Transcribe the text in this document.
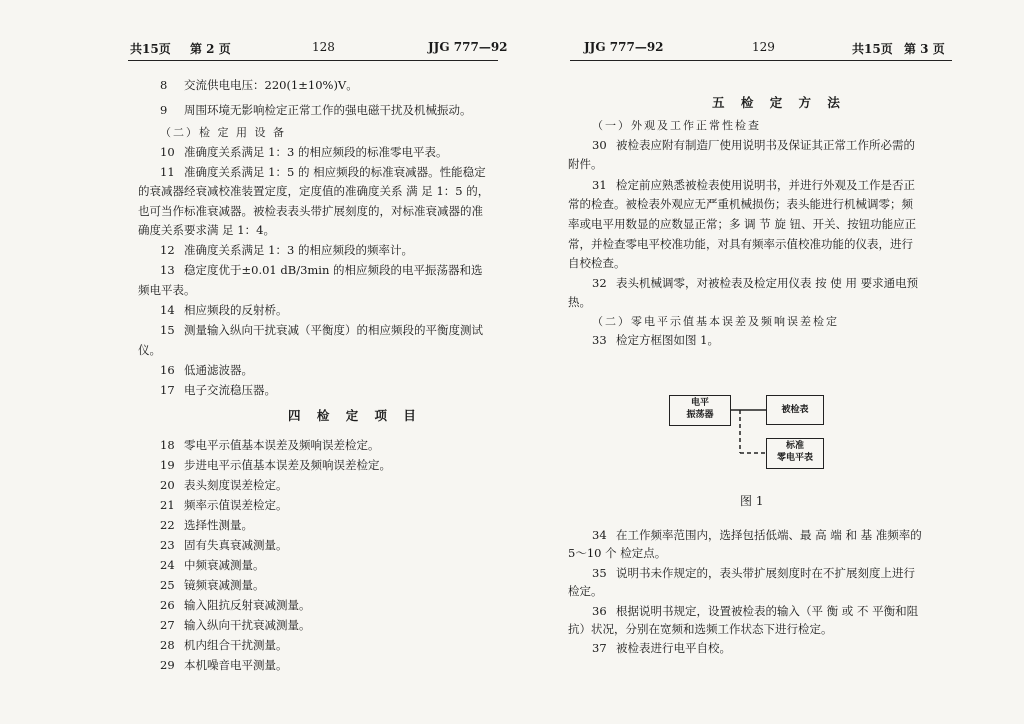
共15页 第 2 页	128	JJG 777—92
8 交流供电电压：220(1±10%)V。
9 周围环境无影响检定正常工作的强电磁干扰及机械振动。
（二）检 定 用 设 备
10 准确度关系满足 1：3 的相应频段的标准零电平表。
11 准确度关系满足 1：5 的 相应频段的标准衰减器。性能稳定
的衰减器经衰减校准装置定度，定度值的准确度关系 满 足 1：5 的，
也可当作标准衰减器。被检表表头带扩展刻度的，对标准衰减器的准
确度关系要求满 足 1：4。
12 准确度关系满足 1：3 的相应频段的频率计。
13 稳定度优于±0.01 dB/3min 的相应频段的电平振荡器和选
频电平表。
14 相应频段的反射桥。
15 测量输入纵向干扰衰减（平衡度）的相应频段的平衡度测试
仪。
16 低通滤波器。
17 电子交流稳压器。
四 检 定 项 目
18 零电平示值基本误差及频响误差检定。
19 步进电平示值基本误差及频响误差检定。
20 表头刻度误差检定。
21 频率示值误差检定。
22 选择性测量。
23 固有失真衰减测量。
24 中频衰减测量。
25 镜频衰减测量。
26 输入阻抗反射衰减测量。
27 输入纵向干扰衰减测量。
28 机内组合干扰测量。
29 本机噪音电平测量。
JJG 777—92	129	共15页 第 3 页
五 检 定 方 法
（一）外观及工作正常性检查
30 被检表应附有制造厂使用说明书及保证其正常工作所必需的
附件。
31 检定前应熟悉被检表使用说明书，并进行外观及工作是否正
常的检查。被检表外观应无严重机械损伤；表头能进行机械调零；频
率或电平用数显的应数显正常；多 调 节 旋 钮、开关、按钮功能应正
常，并检查零电平校准功能，对具有频率示值校准功能的仪表，进行
自校检查。
32 表头机械调零，对被检表及检定用仪表 按 使 用 要求通电预
热。
（二）零电平示值基本误差及频响误差检定
33 检定方框图如图 1。
电平
振荡器	被检表
标准
零电平表
图 1
34 在工作频率范围内，选择包括低端、最 高 端 和 基 准频率的
5～10 个 检定点。
35 说明书未作规定的，表头带扩展刻度时在不扩展刻度上进行
检定。
36 根据说明书规定，设置被检表的输入（平 衡 或 不 平衡和阻
抗）状况，分别在宽频和选频工作状态下进行检定。
37 被检表进行电平自校。
